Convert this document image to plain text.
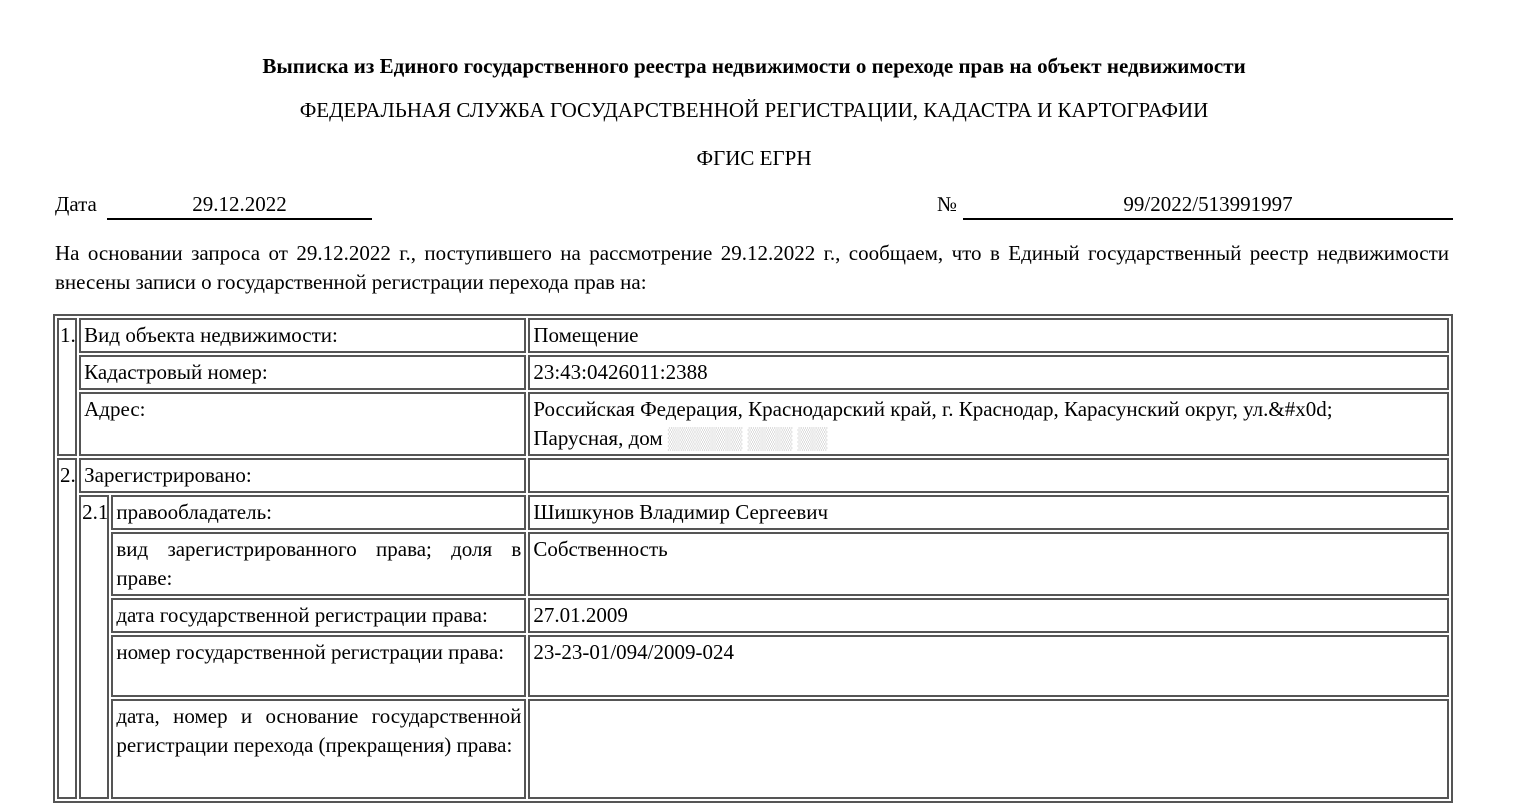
Выписка из Единого государственного реестра недвижимости о переходе прав на объект недвижимости
ФЕДЕРАЛЬНАЯ СЛУЖБА ГОСУДАРСТВЕННОЙ РЕГИСТРАЦИИ, КАДАСТРА И КАРТОГРАФИИ
ФГИС ЕГРН
Дата	29.12.2022	№	99/2022/513991997
На основании запроса от 29.12.2022 г., поступившего на рассмотрение 29.12.2022 г., сообщаем, что в Единый государственный реестр недвижимости внесены записи о государственной регистрации перехода прав на:
1.	Вид объекта недвижимости:		Помещение
	Кадастровый номер:		23:43:0426011:2388
	Адрес:		Российская Федерация, Краснодарский край, г. Краснодар, Карасунский округ, ул.&#x0d;
Парусная, дом ▒▒▒▒▒ ▒▒▒ ▒▒

2.	Зарегистрировано:		
	2.1	правообладатель:	Шишкунов Владимир Сергеевич
		вид зарегистрированного права; доля в праве:	Собственность
		дата государственной регистрации права:	27.01.2009
		номер государственной регистрации права:	23-23-01/094/2009-024
		дата, номер и основание государственной регистрации перехода (прекращения) права:	
